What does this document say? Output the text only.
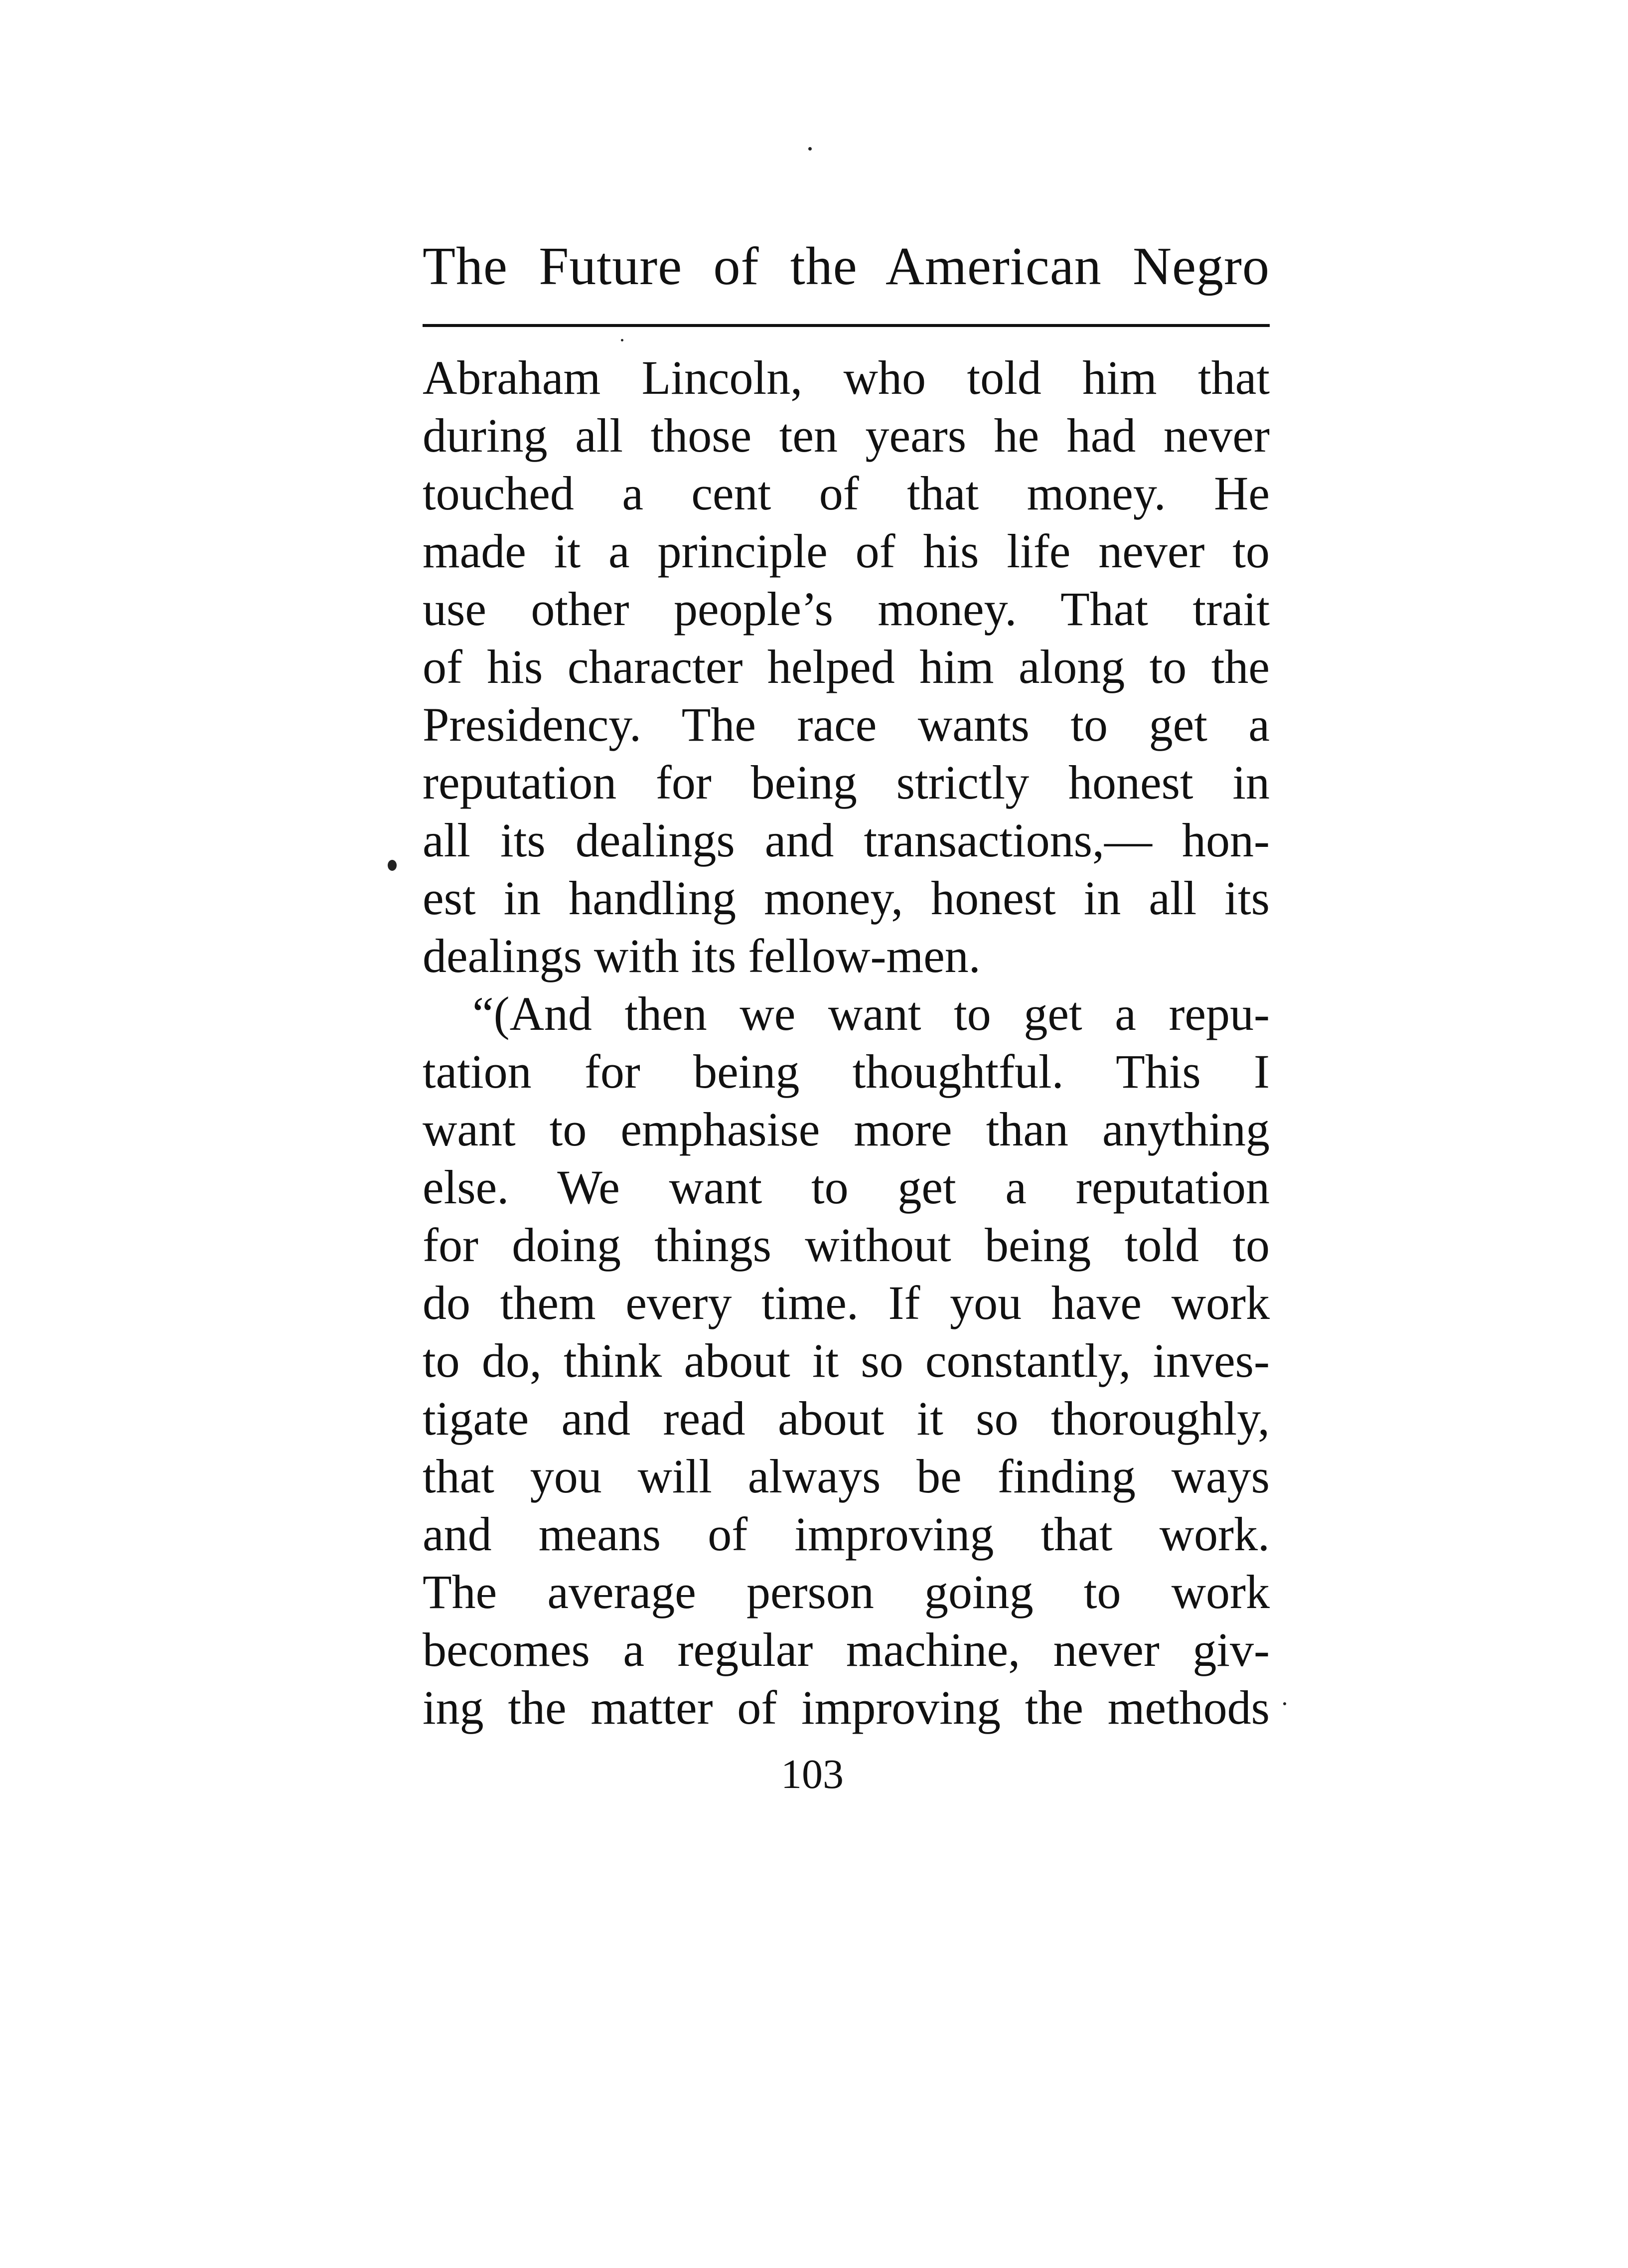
The Future of the American Negro
Abraham Lincoln, who told him that
during all those ten years he had never
touched a cent of that money. He
made it a principle of his life never to
use other people’s money. That trait
of his character helped him along to the
Presidency. The race wants to get a
reputation for being strictly honest in
all its dealings and transactions,— hon-
est in handling money, honest in all its
dealings with its fellow-men.
“(And then we want to get a repu-
tation for being thoughtful. This I
want to emphasise more than anything
else. We want to get a reputation
for doing things without being told to
do them every time. If you have work
to do, think about it so constantly, inves-
tigate and read about it so thoroughly,
that you will always be finding ways
and means of improving that work.
The average person going to work
becomes a regular machine, never giv-
ing the matter of improving the methods
103
